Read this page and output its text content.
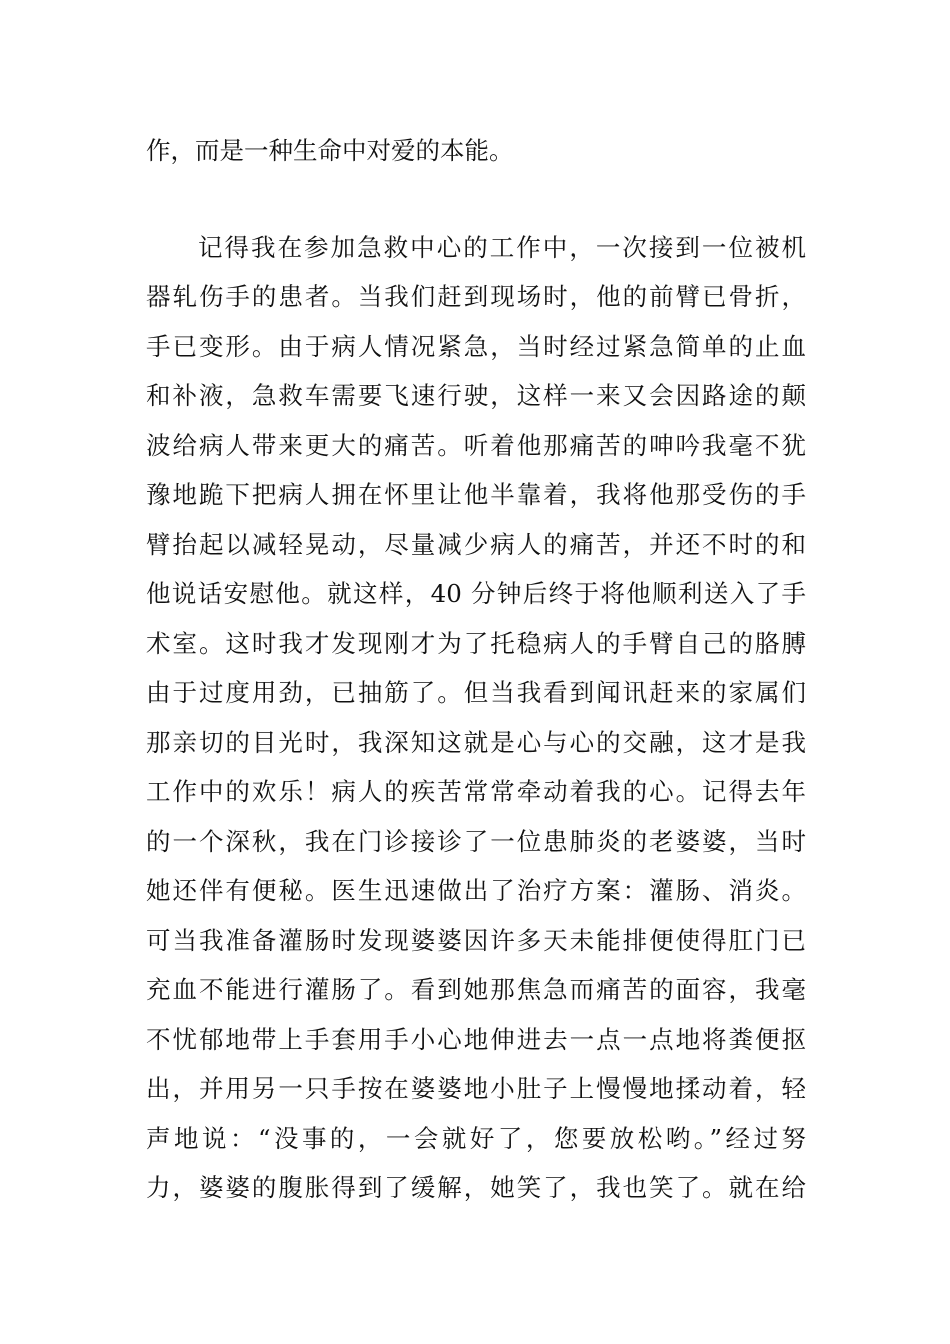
作，而是一种生命中对爱的本能。
记得我在参加急救中心的工作中，一次接到一位被机
器轧伤手的患者。当我们赶到现场时，他的前臂已骨折，
手已变形。由于病人情况紧急，当时经过紧急简单的止血
和补液，急救车需要飞速行驶，这样一来又会因路途的颠
波给病人带来更大的痛苦。听着他那痛苦的呻吟我毫不犹
豫地跪下把病人拥在怀里让他半靠着，我将他那受伤的手
臂抬起以减轻晃动，尽量减少病人的痛苦，并还不时的和
他说话安慰他。就这样，40 分钟后终于将他顺利送入了手
术室。这时我才发现刚才为了托稳病人的手臂自己的胳膊
由于过度用劲，已抽筋了。但当我看到闻讯赶来的家属们
那亲切的目光时，我深知这就是心与心的交融，这才是我
工作中的欢乐！病人的疾苦常常牵动着我的心。记得去年
的一个深秋，我在门诊接诊了一位患肺炎的老婆婆，当时
她还伴有便秘。医生迅速做出了治疗方案：灌肠、消炎。
可当我准备灌肠时发现婆婆因许多天未能排便使得肛门已
充血不能进行灌肠了。看到她那焦急而痛苦的面容，我毫
不忧郁地带上手套用手小心地伸进去一点一点地将粪便抠
出，并用另一只手按在婆婆地小肚子上慢慢地揉动着，轻
声地说：“没事的，一会就好了，您要放松哟。”经过努
力，婆婆的腹胀得到了缓解，她笑了，我也笑了。就在给
